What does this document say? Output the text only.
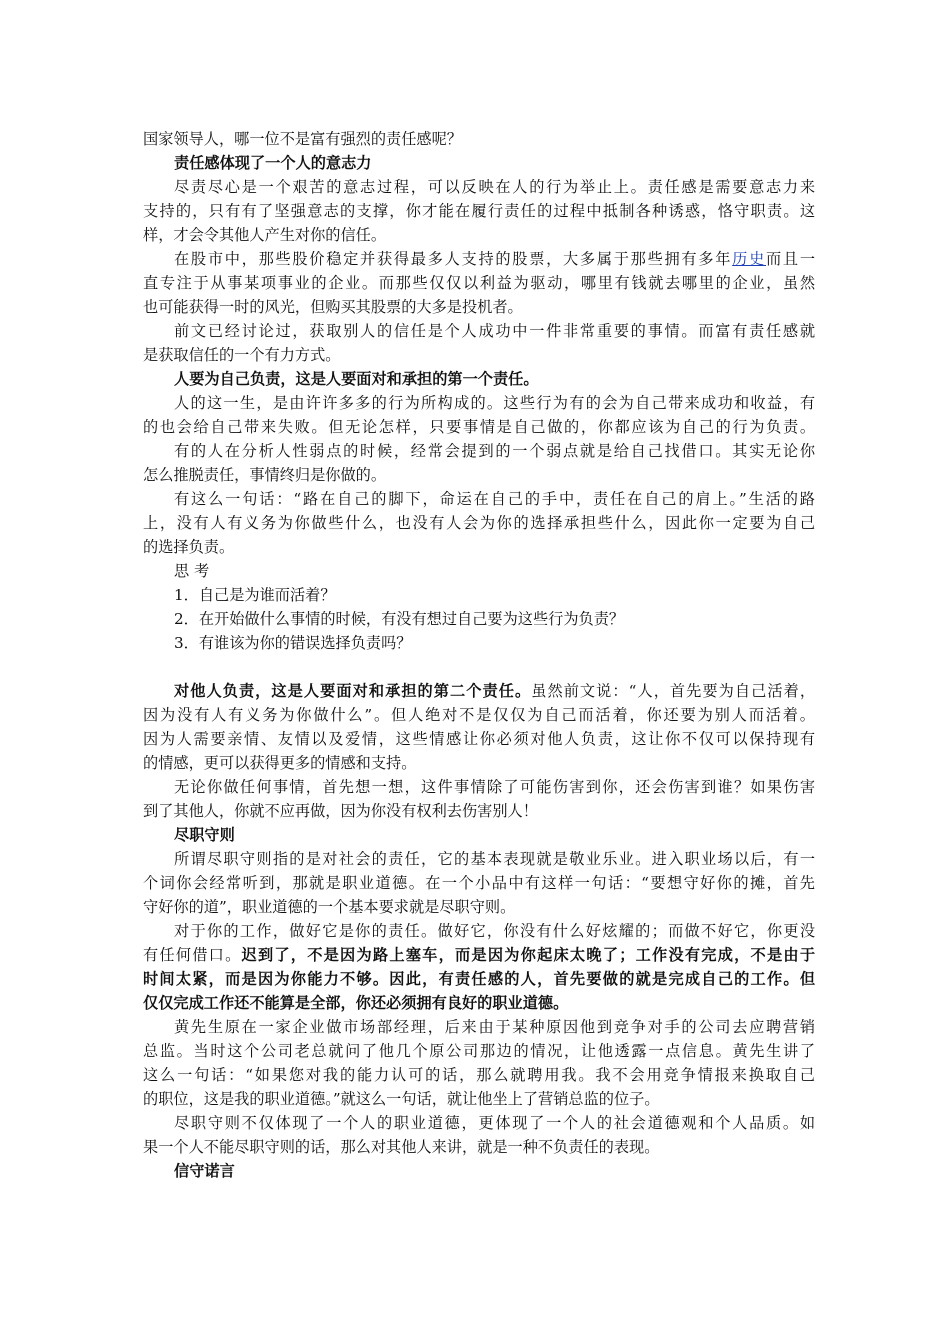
国家领导人，哪一位不是富有强烈的责任感呢？
责任感体现了一个人的意志力
尽责尽心是一个艰苦的意志过程，可以反映在人的行为举止上。责任感是需要意志力来
支持的，只有有了坚强意志的支撑，你才能在履行责任的过程中抵制各种诱惑，恪守职责。这
样，才会令其他人产生对你的信任。
在股市中，那些股价稳定并获得最多人支持的股票，大多属于那些拥有多年历史而且一
直专注于从事某项事业的企业。而那些仅仅以利益为驱动，哪里有钱就去哪里的企业，虽然
也可能获得一时的风光，但购买其股票的大多是投机者。
前文已经讨论过，获取别人的信任是个人成功中一件非常重要的事情。而富有责任感就
是获取信任的一个有力方式。
人要为自己负责，这是人要面对和承担的第一个责任。
人的这一生，是由许许多多的行为所构成的。这些行为有的会为自己带来成功和收益，有
的也会给自己带来失败。但无论怎样，只要事情是自己做的，你都应该为自己的行为负责。
有的人在分析人性弱点的时候，经常会提到的一个弱点就是给自己找借口。其实无论你
怎么推脱责任，事情终归是你做的。
有这么一句话：“路在自己的脚下，命运在自己的手中，责任在自己的肩上。”生活的路
上，没有人有义务为你做些什么，也没有人会为你的选择承担些什么，因此你一定要为自己
的选择负责。
思 考
1．自己是为谁而活着？
2．在开始做什么事情的时候，有没有想过自己要为这些行为负责？
3．有谁该为你的错误选择负责吗？
对他人负责，这是人要面对和承担的第二个责任。虽然前文说：“人，首先要为自己活着，
因为没有人有义务为你做什么”。但人绝对不是仅仅为自己而活着，你还要为别人而活着。
因为人需要亲情、友情以及爱情，这些情感让你必须对他人负责，这让你不仅可以保持现有
的情感，更可以获得更多的情感和支持。
无论你做任何事情，首先想一想，这件事情除了可能伤害到你，还会伤害到谁？如果伤害
到了其他人，你就不应再做，因为你没有权利去伤害别人！
尽职守则
所谓尽职守则指的是对社会的责任，它的基本表现就是敬业乐业。进入职业场以后，有一
个词你会经常听到，那就是职业道德。在一个小品中有这样一句话：“要想守好你的摊，首先
守好你的道”，职业道德的一个基本要求就是尽职守则。
对于你的工作，做好它是你的责任。做好它，你没有什么好炫耀的；而做不好它，你更没
有任何借口。迟到了，不是因为路上塞车，而是因为你起床太晚了；工作没有完成，不是由于
时间太紧，而是因为你能力不够。因此，有责任感的人，首先要做的就是完成自己的工作。但
仅仅完成工作还不能算是全部，你还必须拥有良好的职业道德。
黄先生原在一家企业做市场部经理，后来由于某种原因他到竞争对手的公司去应聘营销
总监。当时这个公司老总就问了他几个原公司那边的情况，让他透露一点信息。黄先生讲了
这么一句话：“如果您对我的能力认可的话，那么就聘用我。我不会用竞争情报来换取自己
的职位，这是我的职业道德。”就这么一句话，就让他坐上了营销总监的位子。
尽职守则不仅体现了一个人的职业道德，更体现了一个人的社会道德观和个人品质。如
果一个人不能尽职守则的话，那么对其他人来讲，就是一种不负责任的表现。
信守诺言
